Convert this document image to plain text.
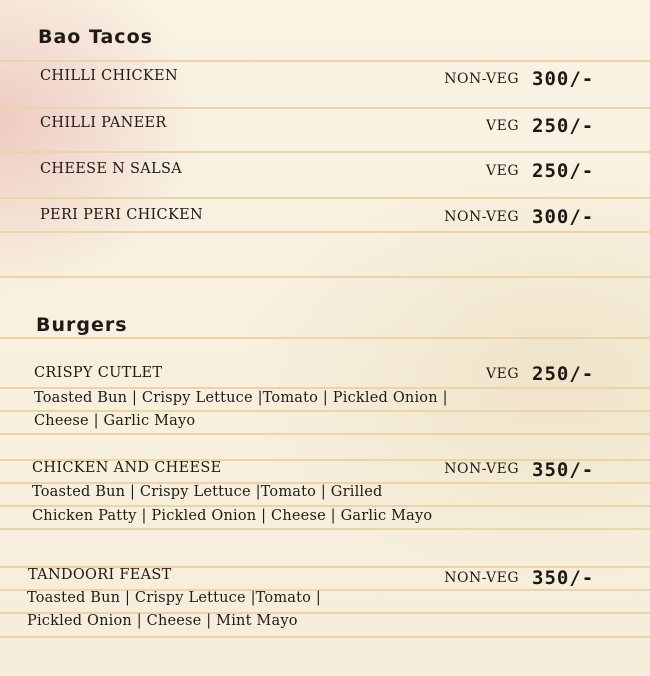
Bao Tacos
CHILLI CHICKEN	NON-VEG 300/-
CHILLI PANEER	VEG 250/-
CHEESE N SALSA	VEG 250/-
PERI PERI CHICKEN	NON-VEG 300/-
Burgers
CRISPY CUTLET	VEG 250/-
Toasted Bun | Crispy Lettuce |Tomato | Pickled Onion |
Cheese | Garlic Mayo
CHICKEN AND CHEESE	NON-VEG 350/-
Toasted Bun | Crispy Lettuce |Tomato | Grilled
Chicken Patty | Pickled Onion | Cheese | Garlic Mayo
TANDOORI FEAST	NON-VEG 350/-
Toasted Bun | Crispy Lettuce |Tomato |
Pickled Onion | Cheese | Mint Mayo
